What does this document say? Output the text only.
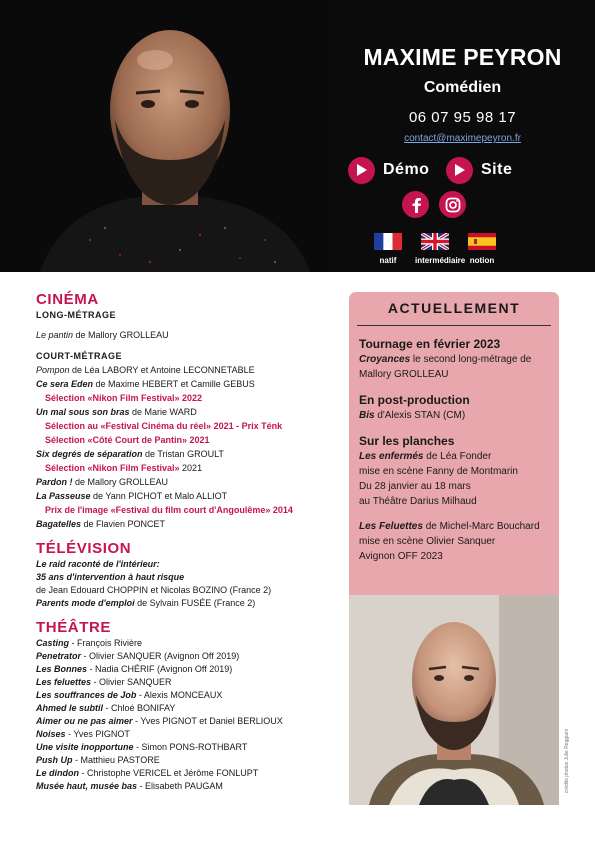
MAXIME PEYRON
Comédien
06 07 95 98 17
contact@maximepeyron.fr
Démo	Site
natif	intermédiaire notion
CINÉMA
LONG-MÉTRAGE
Le pantin de Mallory GROLLEAU
COURT-MÉTRAGE
Pompon de Léa LABORY et Antoine LECONNETABLE
Ce sera Eden de Maxime HEBERT et Camille GEBUS
Sélection «Nikon Film Festival» 2022
Un mal sous son bras de Marie WARD
Sélection au «Festival Cinéma du réel» 2021 - Prix Ténk
Sélection «Côté Court de Pantin» 2021
Six degrés de séparation de Tristan GROULT
Sélection «Nikon Film Festival» 2021
Pardon ! de Mallory GROLLEAU
La Passeuse de Yann PICHOT et Malo ALLIOT
Prix de l'image «Festival du film court d'Angoulême» 2014
Bagatelles de Flavien PONCET
TÉLÉVISION
Le raid raconté de l'intérieur:
35 ans d'intervention à haut risque
de Jean Edouard CHOPPIN et Nicolas BOZINO (France 2)
Parents mode d'emploi de Sylvain FUSÉE (France 2)
THÉÂTRE
Casting - François Rivière
Penetrator - Olivier SANQUER (Avignon Off 2019)
Les Bonnes - Nadia CHÉRIF (Avignon Off 2019)
Les feluettes - Olivier SANQUER
Les souffrances de Job - Alexis MONCEAUX
Ahmed le subtil - Chloé BONIFAY
Aimer ou ne pas aimer - Yves PIGNOT et Daniel BERLIOUX
Noises - Yves PIGNOT
Une visite inopportune - Simon PONS-ROTHBART
Push Up - Matthieu PASTORE
Le dindon - Christophe VERICEL et Jérôme FONLUPT
Musée haut, musée bas - Elisabeth PAUGAM
ACTUELLEMENT
Tournage en février 2023
Croyances le second long-métrage de
Mallory GROLLEAU
En post-production
Bis d'Alexis STAN (CM)
Sur les planches
Les enfermés de Léa Fonder
mise en scène Fanny de Montmarin
Du 28 janvier au 18 mars
au Théâtre Darius Milhaud
Les Feluettes de Michel-Marc Bouchard
mise en scène Olivier Sanquer
Avignon OFF 2023
crédits photos Julie Reggiani
